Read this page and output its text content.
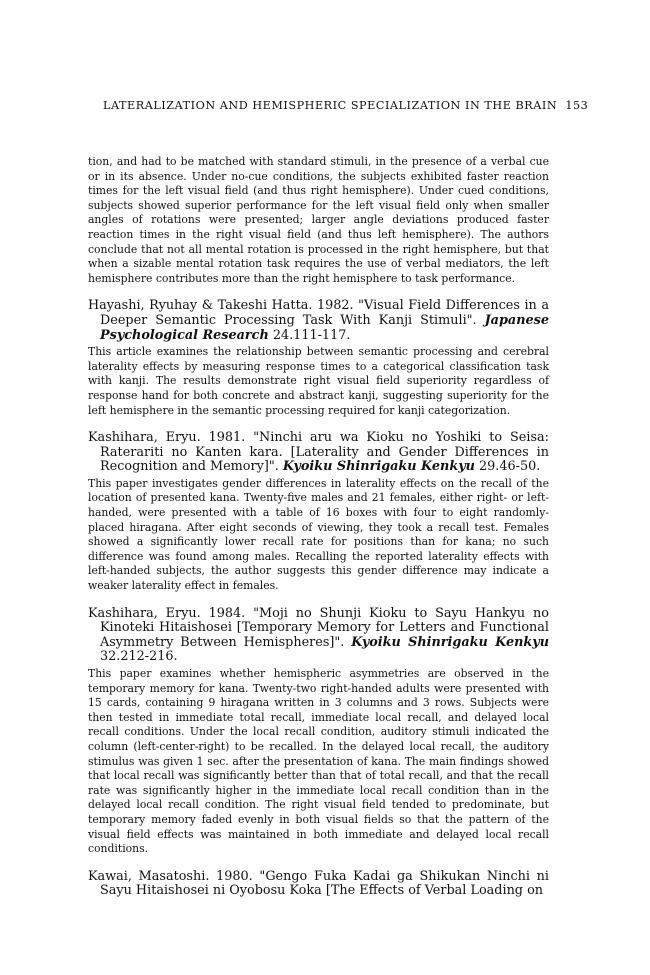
LATERALIZATION AND HEMISPHERIC SPECIALIZATION IN THE BRAIN 153

tion, and had to be matched with standard stimuli, in the presence of a verbal cue or in its absence. Under no-cue conditions, the subjects exhibited faster reaction times for the left visual field (and thus right hemisphere). Under cued conditions, subjects showed superior performance for the left visual field only when smaller angles of rotations were presented; larger angle deviations produced faster reaction times in the right visual field (and thus left hemisphere). The authors conclude that not all mental rotation is processed in the right hemisphere, but that when a sizable mental rotation task requires the use of verbal mediators, the left hemisphere contributes more than the right hemisphere to task performance.

Hayashi, Ryuhay & Takeshi Hatta. 1982. "Visual Field Differences in a Deeper Semantic Processing Task With Kanji Stimuli". Japanese Psychological Research 24.111-117.

This article examines the relationship between semantic processing and cerebral laterality effects by measuring response times to a categorical classification task with kanji. The results demonstrate right visual field superiority regardless of response hand for both concrete and abstract kanji, suggesting superiority for the left hemisphere in the semantic processing required for kanji categorization.

Kashihara, Eryu. 1981. "Ninchi aru wa Kioku no Yoshiki to Seisa: Raterariti no Kanten kara. [Laterality and Gender Differences in Recognition and Memory]". Kyoiku Shinrigaku Kenkyu 29.46-50.

This paper investigates gender differences in laterality effects on the recall of the location of presented kana. Twenty-five males and 21 females, either right- or left-handed, were presented with a table of 16 boxes with four to eight randomly-placed hiragana. After eight seconds of viewing, they took a recall test. Females showed a significantly lower recall rate for positions than for kana; no such difference was found among males. Recalling the reported laterality effects with left-handed subjects, the author suggests this gender difference may indicate a weaker laterality effect in females.

Kashihara, Eryu. 1984. "Moji no Shunji Kioku to Sayu Hankyu no Kinoteki Hitaishosei [Temporary Memory for Letters and Functional Asymmetry Between Hemispheres]". Kyoiku Shinrigaku Kenkyu 32.212-216.

This paper examines whether hemispheric asymmetries are observed in the temporary memory for kana. Twenty-two right-handed adults were presented with 15 cards, containing 9 hiragana written in 3 columns and 3 rows. Subjects were then tested in immediate total recall, immediate local recall, and delayed local recall conditions. Under the local recall condition, auditory stimuli indicated the column (left-center-right) to be recalled. In the delayed local recall, the auditory stimulus was given 1 sec. after the presentation of kana. The main findings showed that local recall was significantly better than that of total recall, and that the recall rate was significantly higher in the immediate local recall condition than in the delayed local recall condition. The right visual field tended to predominate, but temporary memory faded evenly in both visual fields so that the pattern of the visual field effects was maintained in both immediate and delayed local recall conditions.

Kawai, Masatoshi. 1980. "Gengo Fuka Kadai ga Shikukan Ninchi ni Sayu Hitaishosei ni Oyobosu Koka [The Effects of Verbal Loading on
